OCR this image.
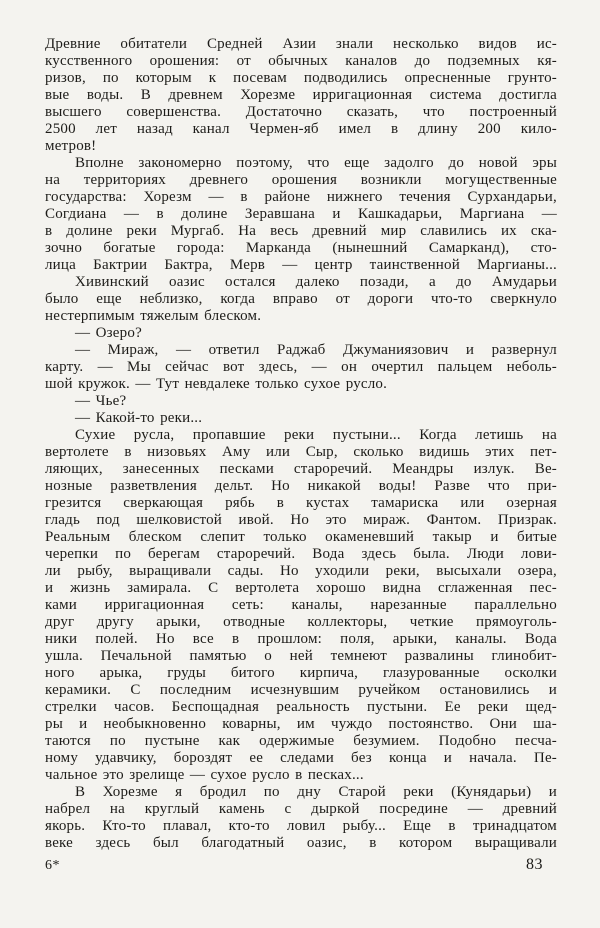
Древние обитатели Средней Азии знали несколько видов ис-
кусственного орошения: от обычных каналов до подземных кя-
ризов, по которым к посевам подводились опресненные грунто-
вые воды. В древнем Хорезме ирригационная система достигла
высшего совершенства. Достаточно сказать, что построенный
2500 лет назад канал Чермен-яб имел в длину 200 кило-
метров!
Вполне закономерно поэтому, что еще задолго до новой эры
на территориях древнего орошения возникли могущественные
государства: Хорезм — в районе нижнего течения Сурхандарьи,
Согдиана — в долине Зеравшана и Кашкадарьи, Маргиана —
в долине реки Мургаб. На весь древний мир славились их ска-
зочно богатые города: Марканда (нынешний Самарканд), сто-
лица Бактрии Бактра, Мерв — центр таинственной Маргианы...
Хивинский оазис остался далеко позади, а до Амударьи
было еще неблизко, когда вправо от дороги что-то сверкнуло
нестерпимым тяжелым блеском.
— Озеро?
— Мираж, — ответил Раджаб Джуманиязович и развернул
карту. — Мы сейчас вот здесь, — он очертил пальцем неболь-
шой кружок. — Тут невдалеке только сухое русло.
— Чье?
— Какой-то реки...
Сухие русла, пропавшие реки пустыни... Когда летишь на
вертолете в низовьях Аму или Сыр, сколько видишь этих пет-
ляющих, занесенных песками староречий. Меандры излук. Ве-
нозные разветвления дельт. Но никакой воды! Разве что при-
грезится сверкающая рябь в кустах тамариска или озерная
гладь под шелковистой ивой. Но это мираж. Фантом. Призрак.
Реальным блеском слепит только окаменевший такыр и битые
черепки по берегам староречий. Вода здесь была. Люди лови-
ли рыбу, выращивали сады. Но уходили реки, высыхали озера,
и жизнь замирала. С вертолета хорошо видна сглаженная пес-
ками ирригационная сеть: каналы, нарезанные параллельно
друг другу арыки, отводные коллекторы, четкие прямоуголь-
ники полей. Но все в прошлом: поля, арыки, каналы. Вода
ушла. Печальной памятью о ней темнеют развалины глинобит-
ного арыка, груды битого кирпича, глазурованные осколки
керамики. С последним исчезнувшим ручейком остановились и
стрелки часов. Беспощадная реальность пустыни. Ее реки щед-
ры и необыкновенно коварны, им чуждо постоянство. Они ша-
таются по пустыне как одержимые безумием. Подобно песча-
ному удавчику, бороздят ее следами без конца и начала. Пе-
чальное это зрелище — сухое русло в песках...
В Хорезме я бродил по дну Старой реки (Кунядарьи) и
набрел на круглый камень с дыркой посредине — древний
якорь. Кто-то плавал, кто-то ловил рыбу... Еще в тринадцатом
веке здесь был благодатный оазис, в котором выращивали
6*	83
